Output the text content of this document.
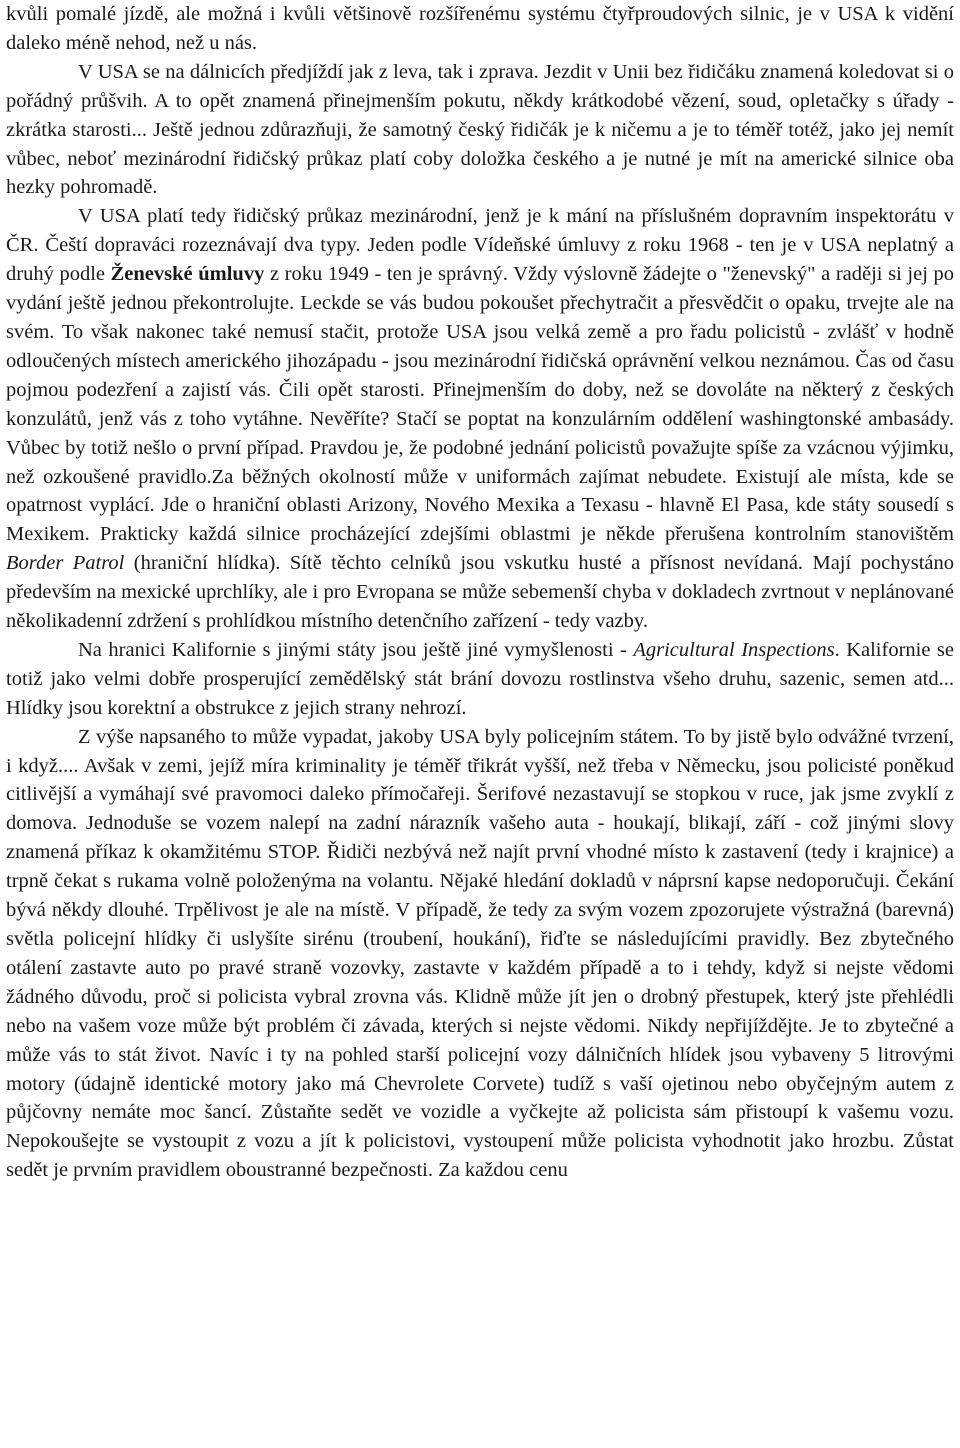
kvůli pomalé jízdě, ale možná i kvůli většinově rozšířenému systému čtyřproudových silnic, je v USA k vidění daleko méně nehod, než u nás.

V USA se na dálnicích předjíždí jak z leva, tak i zprava. Jezdit v Unii bez řidičáku znamená koledovat si o pořádný průšvih. A to opět znamená přinejmenším pokutu, někdy krátkodobé vězení, soud, opletačky s úřady - zkrátka starosti... Ještě jednou zdůrazňuji, že samotný český řidičák je k ničemu a je to téměř totéž, jako jej nemít vůbec, neboť mezinárodní řidičský průkaz platí coby doložka českého a je nutné je mít na americké silnice oba hezky pohromadě.

V USA platí tedy řidičský průkaz mezinárodní, jenž je k mání na příslušném dopravním inspektorátu v ČR. Čeští dopraváci rozeznávají dva typy. Jeden podle Vídeňské úmluvy z roku 1968 - ten je v USA neplatný a druhý podle Ženevské úmluvy z roku 1949 - ten je správný. Vždy výslovně žádejte o "ženevský" a raději si jej po vydání ještě jednou překontrolujte. Leckde se vás budou pokoušet přechytračit a přesvědčit o opaku, trvejte ale na svém. To však nakonec také nemusí stačit, protože USA jsou velká země a pro řadu policistů - zvlášť v hodně odloučených místech amerického jihozápadu - jsou mezinárodní řidičská oprávnění velkou neznámou. Čas od času pojmou podezření a zajistí vás. Čili opět starosti. Přinejmenším do doby, než se dovoláte na některý z českých konzulátů, jenž vás z toho vytáhne. Nevěříte? Stačí se poptat na konzulárním oddělení washingtonské ambasády. Vůbec by totiž nešlo o první případ. Pravdou je, že podobné jednání policistů považujte spíše za vzácnou výjimku, než ozkoušené pravidlo.Za běžných okolností může v uniformách zajímat nebudete. Existují ale místa, kde se opatrnost vyplácí. Jde o hraniční oblasti Arizony, Nového Mexika a Texasu - hlavně El Pasa, kde státy sousedí s Mexikem. Prakticky každá silnice procházející zdejšími oblastmi je někde přerušena kontrolním stanovištěm Border Patrol (hraniční hlídka). Sítě těchto celníků jsou vskutku husté a přísnost nevídaná. Mají pochystáno především na mexické uprchlíky, ale i pro Evropana se může sebemenší chyba v dokladech zvrtnout v neplánované několikadenní zdržení s prohlídkou místního detenčního zařízení - tedy vazby.

Na hranici Kalifornie s jinými státy jsou ještě jiné vymyšlenosti - Agricultural Inspections. Kalifornie se totiž jako velmi dobře prosperující zemědělský stát brání dovozu rostlinstva všeho druhu, sazenic, semen atd... Hlídky jsou korektní a obstrukce z jejich strany nehrozí.

Z výše napsaného to může vypadat, jakoby USA byly policejním státem. To by jistě bylo odvážné tvrzení, i když.... Avšak v zemi, jejíž míra kriminality je téměř třikrát vyšší, než třeba v Německu, jsou policisté poněkud citlivější a vymáhají své pravomoci daleko přímočařeji. Šerifové nezastavují se stopkou v ruce, jak jsme zvyklí z domova. Jednoduše se vozem nalepí na zadní nárazník vašeho auta - houkají, blikají, září - což jinými slovy znamená příkaz k okamžitému STOP. Řidiči nezbývá než najít první vhodné místo k zastavení (tedy i krajnice) a trpně čekat s rukama volně položenýma na volantu. Nějaké hledání dokladů v náprsní kapse nedoporučuji. Čekání bývá někdy dlouhé. Trpělivost je ale na místě. V případě, že tedy za svým vozem zpozorujete výstražná (barevná) světla policejní hlídky či uslyšíte sirénu (troubení, houkání), řiďte se následujícími pravidly. Bez zbytečného otálení zastavte auto po pravé straně vozovky, zastavte v každém případě a to i tehdy, když si nejste vědomi žádného důvodu, proč si policista vybral zrovna vás. Klidně může jít jen o drobný přestupek, který jste přehlédli nebo na vašem voze může být problém či závada, kterých si nejste vědomi. Nikdy nepřijíždějte. Je to zbytečné a může vás to stát život. Navíc i ty na pohled starší policejní vozy dálničních hlídek jsou vybaveny 5 litrovými motory (údajně identické motory jako má Chevrolete Corvete) tudíž s vaší ojetinou nebo obyčejným autem z půjčovny nemáte moc šancí. Zůstaňte sedět ve vozidle a vyčkejte až policista sám přistoupí k vašemu vozu. Nepokoušejte se vystoupit z vozu a jít k policistovi, vystoupení může policista vyhodnotit jako hrozbu. Zůstat sedět je prvním pravidlem oboustranné bezpečnosti. Za každou cenu
